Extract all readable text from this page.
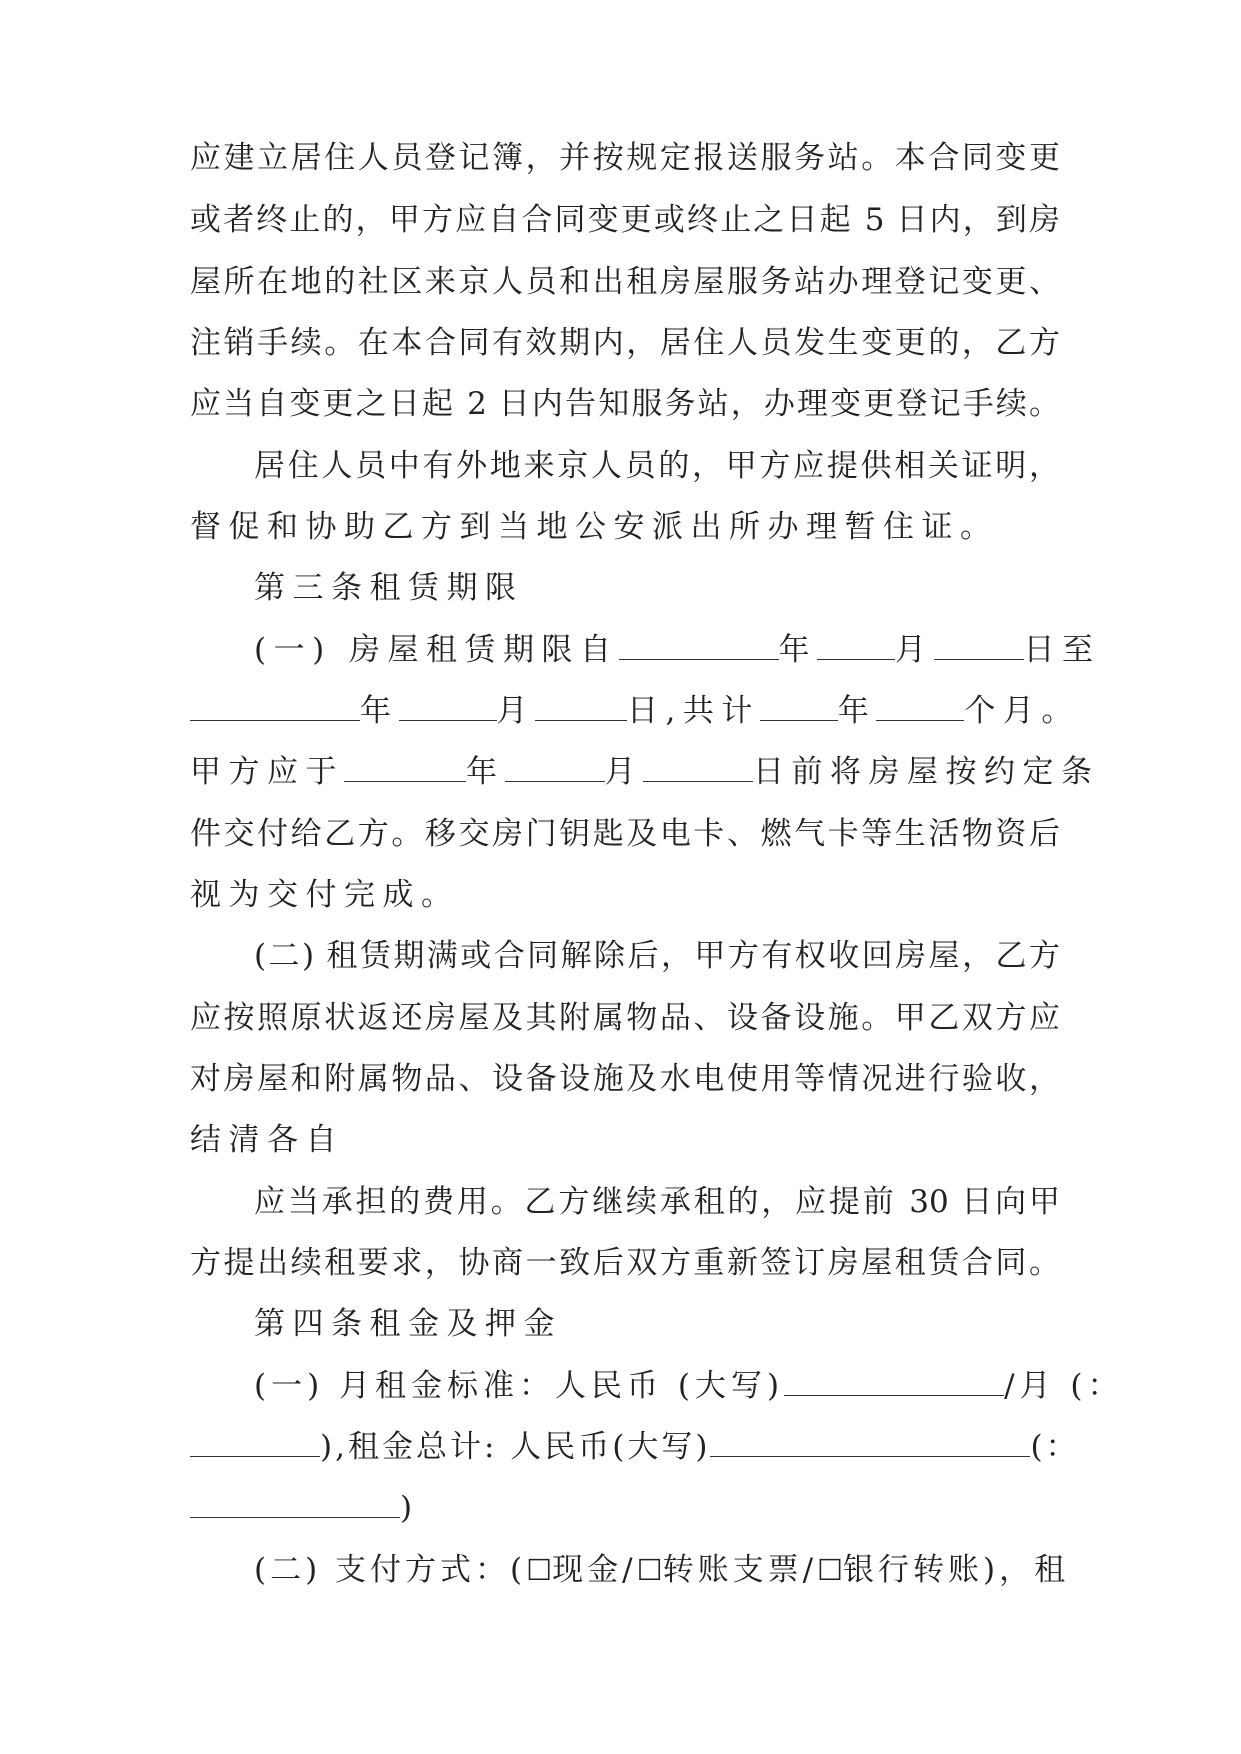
应建立居住人员登记簿，并按规定报送服务站。本合同变更
或者终止的，甲方应自合同变更或终止之日起 5 日内，到房
屋所在地的社区来京人员和出租房屋服务站办理登记变更、
注销手续。在本合同有效期内，居住人员发生变更的，乙方
应当自变更之日起 2 日内告知服务站，办理变更登记手续。
居住人员中有外地来京人员的，甲方应提供相关证明，
督促和协助乙方到当地公安派出所办理暂住证。
第三条租赁期限
(一) 房屋租赁期限自	年	月	日至
年	月	日,共计	年	个月。
甲方应于	年	月	日前将房屋按约定条
件交付给乙方。移交房门钥匙及电卡、燃气卡等生活物资后
视为交付完成。
(二) 租赁期满或合同解除后，甲方有权收回房屋，乙方
应按照原状返还房屋及其附属物品、设备设施。甲乙双方应
对房屋和附属物品、设备设施及水电使用等情况进行验收，
结清各自
应当承担的费用。乙方继续承租的，应提前 30 日向甲
方提出续租要求，协商一致后双方重新签订房屋租赁合同。
第四条租金及押金
(一) 月租金标准：人民币 (大写)	/月 (：
),租金总计: 人民币(大写)	(：
)
(二) 支付方式：(☐现金/☐转账支票/☐银行转账)，租
